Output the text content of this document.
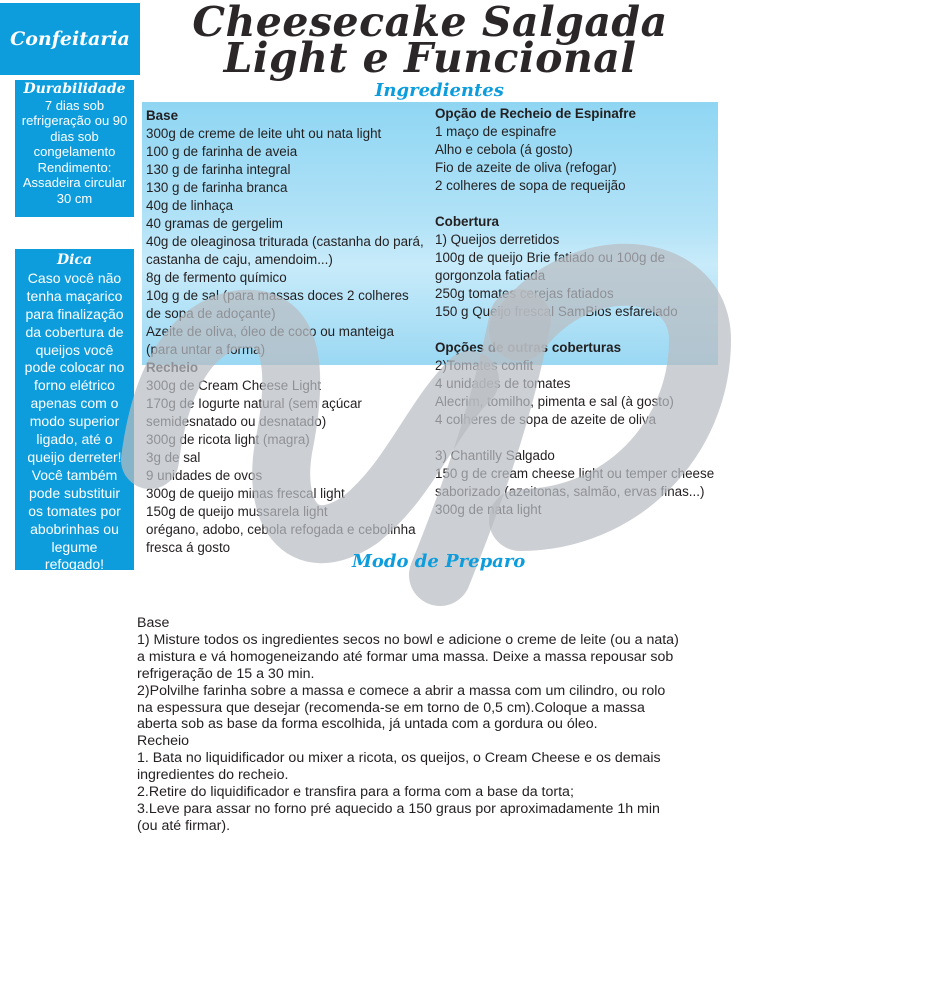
Confeitaria	Cheesecake Salgada Light e Funcional
Ingredientes
Durabilidade
7 dias sob
refrigeração ou 90
dias sob
congelamento
Rendimento:
Assadeira circular
30 cm
Dica
Caso você não
tenha maçarico
para finalização
da cobertura de
queijos você
pode colocar no
forno elétrico
apenas com o
modo superior
ligado, até o
queijo derreter!
Você também
pode substituir
os tomates por
abobrinhas ou
legume
refogado!
Base
300g de creme de leite uht ou nata light
100 g de farinha de aveia
130 g de farinha integral
130 g de farinha branca
40g de linhaça
40 gramas de gergelim
40g de oleaginosa triturada (castanha do pará,
castanha de caju, amendoim...)
8g de fermento químico
10g g de sal (para massas doces 2 colheres
de sopa de adoçante)
Azeite de oliva, óleo de coco ou manteiga
(para untar a forma)
Recheio
300g de Cream Cheese Light
170g de Iogurte natural (sem açúcar
semidesnatado ou desnatado)
300g de ricota light (magra)
3g de sal
9 unidades de ovos
300g de queijo minas frescal light
150g de queijo mussarela light
orégano, adobo, cebola refogada e cebolinha
fresca á gosto
Opção de Recheio de Espinafre
1 maço de espinafre
Alho e cebola (á gosto)
Fio de azeite de oliva (refogar)
2 colheres de sopa de requeijão
Cobertura
1) Queijos derretidos
100g de queijo Brie fatiado ou 100g de
gorgonzola fatiada
250g tomates cerejas fatiados
150 g Queijo frescal SamBios esfarelado
Opções de outras coberturas
2)Tomates confit
4 unidades de tomates
Alecrim, tomilho, pimenta e sal (à gosto)
4 colheres de sopa de azeite de oliva
3) Chantilly Salgado
150 g de cream cheese light ou temper cheese
saborizado (azeitonas, salmão, ervas finas...)
300g de nata light
Modo de Preparo
Base
1) Misture todos os ingredientes secos no bowl e adicione o creme de leite (ou a nata)
a mistura e vá homogeneizando até formar uma massa. Deixe a massa repousar sob
refrigeração de 15 a 30 min.
2)Polvilhe farinha sobre a massa e comece a abrir a massa com um cilindro, ou rolo
na espessura que desejar (recomenda-se em torno de 0,5 cm).Coloque a massa
aberta sob as base da forma escolhida, já untada com a gordura ou óleo.
Recheio
1. Bata no liquidificador ou mixer a ricota, os queijos, o Cream Cheese e os demais
ingredientes do recheio.
2.Retire do liquidificador e transfira para a forma com a base da torta;
3.Leve para assar no forno pré aquecido a 150 graus por aproximadamente 1h min
(ou até firmar).
